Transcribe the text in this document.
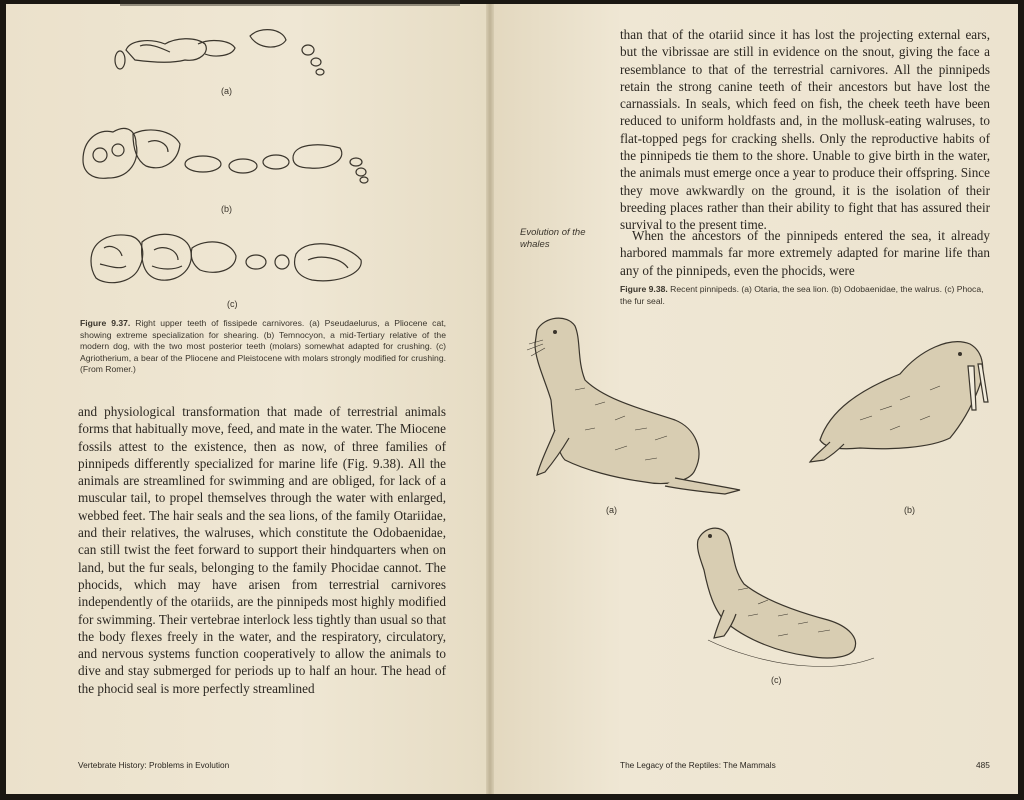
(a)
(b)
(c)
Figure 9.37. Right upper teeth of fissipede carnivores. (a) Pseudaelurus, a Pliocene cat, showing extreme specialization for shearing. (b) Temnocyon, a mid-Tertiary relative of the modern dog, with the two most posterior teeth (molars) somewhat adapted for crushing. (c) Agriotherium, a bear of the Pliocene and Pleistocene with molars strongly modified for crushing. (From Romer.)
and physiological transformation that made of terrestrial animals forms that habitually move, feed, and mate in the water. The Miocene fossils attest to the existence, then as now, of three families of pinnipeds differently specialized for marine life (Fig. 9.38). All the animals are streamlined for swimming and are obliged, for lack of a muscular tail, to propel themselves through the water with enlarged, webbed feet. The hair seals and the sea lions, of the family Otariidae, and their relatives, the walruses, which constitute the Odobaenidae, can still twist the feet forward to support their hindquarters when on land, but the fur seals, belonging to the family Phocidae cannot. The phocids, which may have arisen from terrestrial carnivores independently of the otariids, are the pinnipeds most highly modified for swimming. Their vertebrae interlock less tightly than usual so that the body flexes freely in the water, and the respiratory, circulatory, and nervous systems function cooperatively to allow the animals to dive and stay submerged for periods up to half an hour. The head of the phocid seal is more perfectly streamlined
Vertebrate History: Problems in Evolution
than that of the otariid since it has lost the projecting external ears, but the vibrissae are still in evidence on the snout, giving the face a resemblance to that of the terrestrial carnivores. All the pinnipeds retain the strong canine teeth of their ancestors but have lost the carnassials. In seals, which feed on fish, the cheek teeth have been reduced to uniform holdfasts and, in the mollusk-eating walruses, to flat-topped pegs for cracking shells. Only the reproductive habits of the pinnipeds tie them to the shore. Unable to give birth in the water, the animals must emerge once a year to produce their offspring. Since they move awkwardly on the ground, it is the isolation of their breeding places rather than their ability to fight that has assured their survival to the present time.
Evolution of the whales
When the ancestors of the pinnipeds entered the sea, it already harbored mammals far more extremely adapted for marine life than any of the pinnipeds, even the phocids, were
Figure 9.38. Recent pinnipeds. (a) Otaria, the sea lion. (b) Odobaenidae, the walrus. (c) Phoca, the fur seal.
(a)	(b)
(c)
The Legacy of the Reptiles: The Mammals	485
